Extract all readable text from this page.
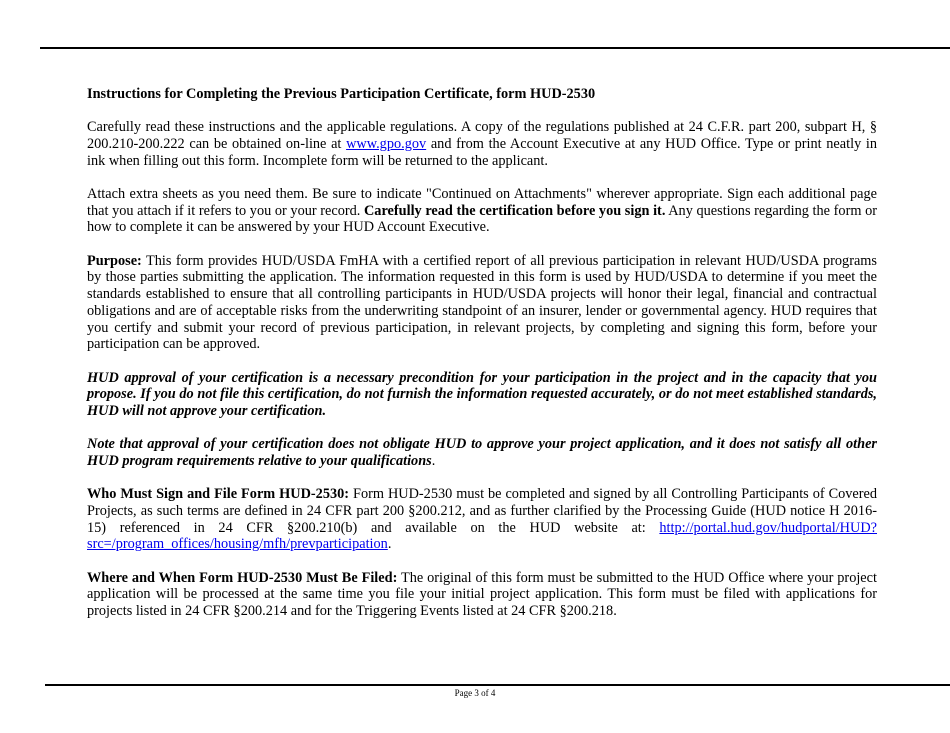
Instructions for Completing the Previous Participation Certificate, form HUD-2530

Carefully read these instructions and the applicable regulations. A copy of the regulations published at 24 C.F.R. part 200, subpart H, § 200.210-200.222 can be obtained on-line at www.gpo.gov and from the Account Executive at any HUD Office. Type or print neatly in ink when filling out this form. Incomplete form will be returned to the applicant.

Attach extra sheets as you need them. Be sure to indicate "Continued on Attachments" wherever appropriate. Sign each additional page that you attach if it refers to you or your record. Carefully read the certification before you sign it. Any questions regarding the form or how to complete it can be answered by your HUD Account Executive.

Purpose: This form provides HUD/USDA FmHA with a certified report of all previous participation in relevant HUD/USDA programs by those parties submitting the application. The information requested in this form is used by HUD/USDA to determine if you meet the standards established to ensure that all controlling participants in HUD/USDA projects will honor their legal, financial and contractual obligations and are of acceptable risks from the underwriting standpoint of an insurer, lender or governmental agency. HUD requires that you certify and submit your record of previous participation, in relevant projects, by completing and signing this form, before your participation can be approved.

HUD approval of your certification is a necessary precondition for your participation in the project and in the capacity that you propose. If you do not file this certification, do not furnish the information requested accurately, or do not meet established standards, HUD will not approve your certification.

Note that approval of your certification does not obligate HUD to approve your project application, and it does not satisfy all other HUD program requirements relative to your qualifications.

Who Must Sign and File Form HUD-2530: Form HUD-2530 must be completed and signed by all Controlling Participants of Covered Projects, as such terms are defined in 24 CFR part 200 §200.212, and as further clarified by the Processing Guide (HUD notice H 2016-15) referenced in 24 CFR §200.210(b) and available on the HUD website at: http://portal.hud.gov/hudportal/HUD?src=/program_offices/housing/mfh/prevparticipation.

Where and When Form HUD-2530 Must Be Filed: The original of this form must be submitted to the HUD Office where your project application will be processed at the same time you file your initial project application. This form must be filed with applications for projects listed in 24 CFR §200.214 and for the Triggering Events listed at 24 CFR §200.218.

Page 3 of 4
